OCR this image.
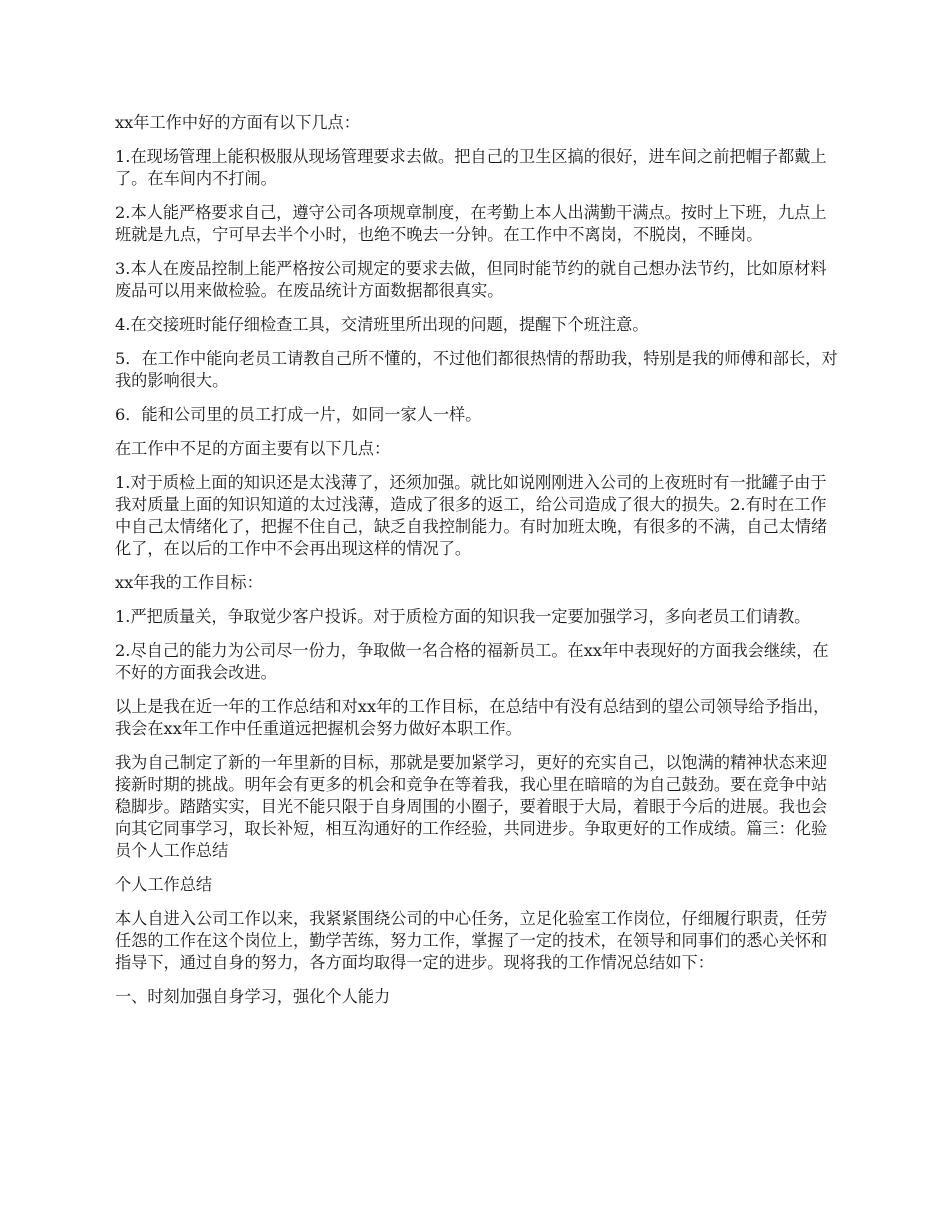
xx年工作中好的方面有以下几点：

1.在现场管理上能积极服从现场管理要求去做。把自己的卫生区搞的很好，进车间之前把帽子都戴上了。在车间内不打闹。

2.本人能严格要求自己，遵守公司各项规章制度，在考勤上本人出满勤干满点。按时上下班，九点上班就是九点，宁可早去半个小时，也绝不晚去一分钟。在工作中不离岗，不脱岗，不睡岗。

3.本人在废品控制上能严格按公司规定的要求去做，但同时能节约的就自己想办法节约，比如原材料废品可以用来做检验。在废品统计方面数据都很真实。

4.在交接班时能仔细检查工具，交清班里所出现的问题，提醒下个班注意。

5．在工作中能向老员工请教自己所不懂的，不过他们都很热情的帮助我，特别是我的师傅和部长，对我的影响很大。

6．能和公司里的员工打成一片，如同一家人一样。

在工作中不足的方面主要有以下几点：

1.对于质检上面的知识还是太浅薄了，还须加强。就比如说刚刚进入公司的上夜班时有一批罐子由于我对质量上面的知识知道的太过浅薄，造成了很多的返工，给公司造成了很大的损失。2.有时在工作中自己太情绪化了，把握不住自己，缺乏自我控制能力。有时加班太晚，有很多的不满，自己太情绪化了，在以后的工作中不会再出现这样的情况了。

xx年我的工作目标：

1.严把质量关，争取觉少客户投诉。对于质检方面的知识我一定要加强学习，多向老员工们请教。

2.尽自己的能力为公司尽一份力，争取做一名合格的福新员工。在xx年中表现好的方面我会继续，在不好的方面我会改进。

以上是我在近一年的工作总结和对xx年的工作目标，在总结中有没有总结到的望公司领导给予指出，我会在xx年工作中任重道远把握机会努力做好本职工作。

我为自己制定了新的一年里新的目标，那就是要加紧学习，更好的充实自己，以饱满的精神状态来迎接新时期的挑战。明年会有更多的机会和竞争在等着我，我心里在暗暗的为自己鼓劲。要在竞争中站稳脚步。踏踏实实，目光不能只限于自身周围的小圈子，要着眼于大局，着眼于今后的进展。我也会向其它同事学习，取长补短，相互沟通好的工作经验，共同进步。争取更好的工作成绩。篇三：化验员个人工作总结

个人工作总结

本人自进入公司工作以来，我紧紧围绕公司的中心任务，立足化验室工作岗位，仔细履行职责，任劳任怨的工作在这个岗位上，勤学苦练，努力工作，掌握了一定的技术，在领导和同事们的悉心关怀和指导下，通过自身的努力，各方面均取得一定的进步。现将我的工作情况总结如下：

一、时刻加强自身学习，强化个人能力
